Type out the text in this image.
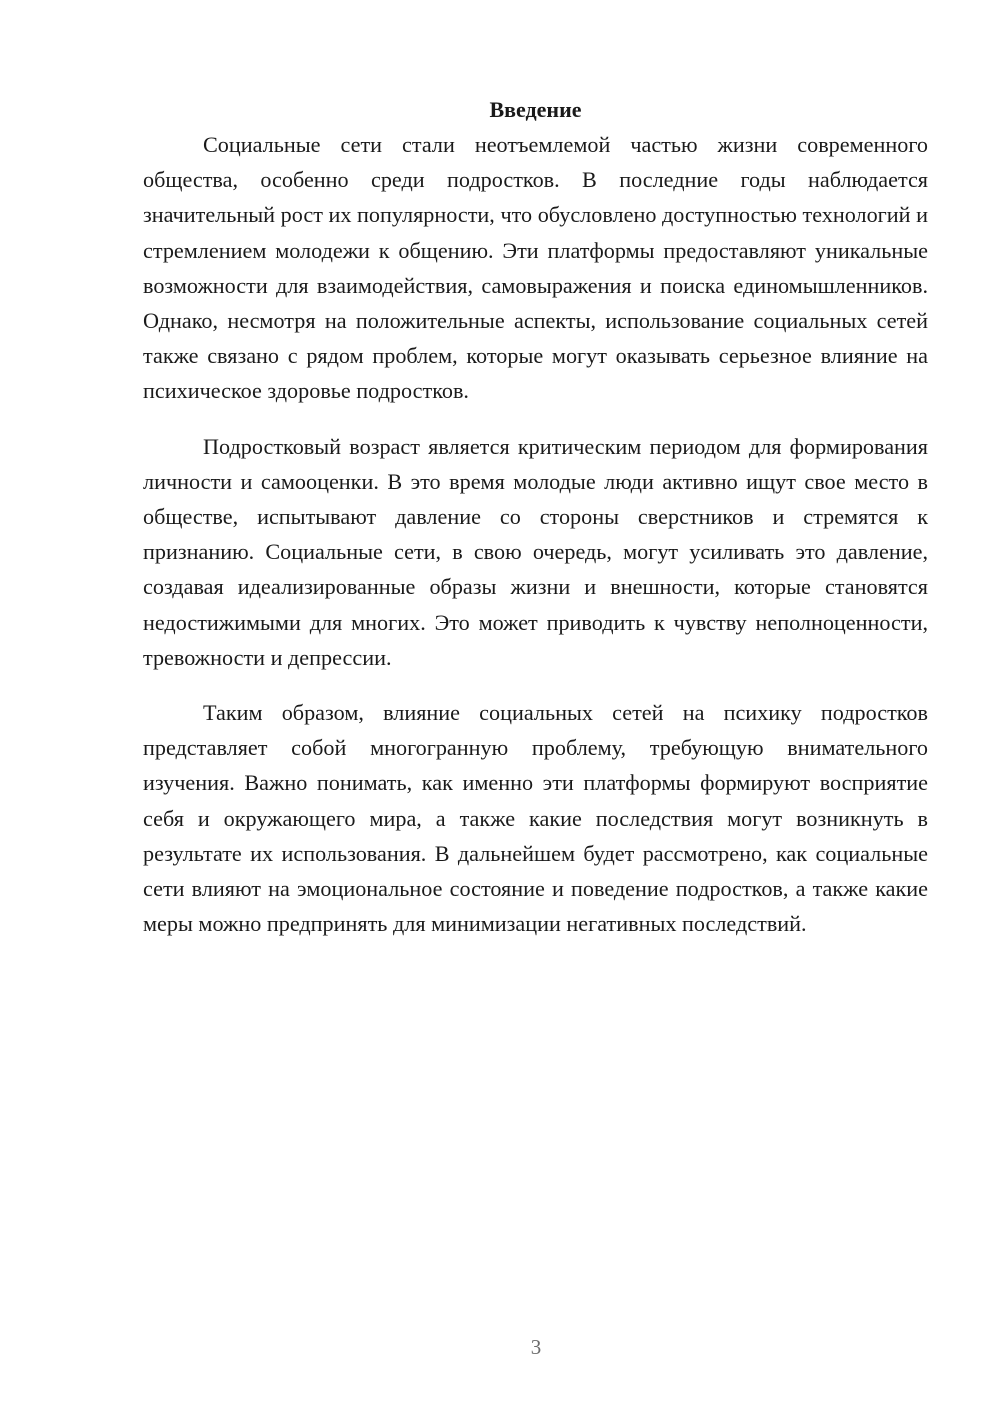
Введение

Социальные сети стали неотъемлемой частью жизни современного общества, особенно среди подростков. В последние годы наблюдается значительный рост их популярности, что обусловлено доступностью технологий и стремлением молодежи к общению. Эти платформы предоставляют уникальные возможности для взаимодействия, самовыражения и поиска единомышленников. Однако, несмотря на положительные аспекты, использование социальных сетей также связано с рядом проблем, которые могут оказывать серьезное влияние на психическое здоровье подростков.

Подростковый возраст является критическим периодом для формирования личности и самооценки. В это время молодые люди активно ищут свое место в обществе, испытывают давление со стороны сверстников и стремятся к признанию. Социальные сети, в свою очередь, могут усиливать это давление, создавая идеализированные образы жизни и внешности, которые становятся недостижимыми для многих. Это может приводить к чувству неполноценности, тревожности и депрессии.

Таким образом, влияние социальных сетей на психику подростков представляет собой многогранную проблему, требующую внимательного изучения. Важно понимать, как именно эти платформы формируют восприятие себя и окружающего мира, а также какие последствия могут возникнуть в результате их использования. В дальнейшем будет рассмотрено, как социальные сети влияют на эмоциональное состояние и поведение подростков, а также какие меры можно предпринять для минимизации негативных последствий.

3
